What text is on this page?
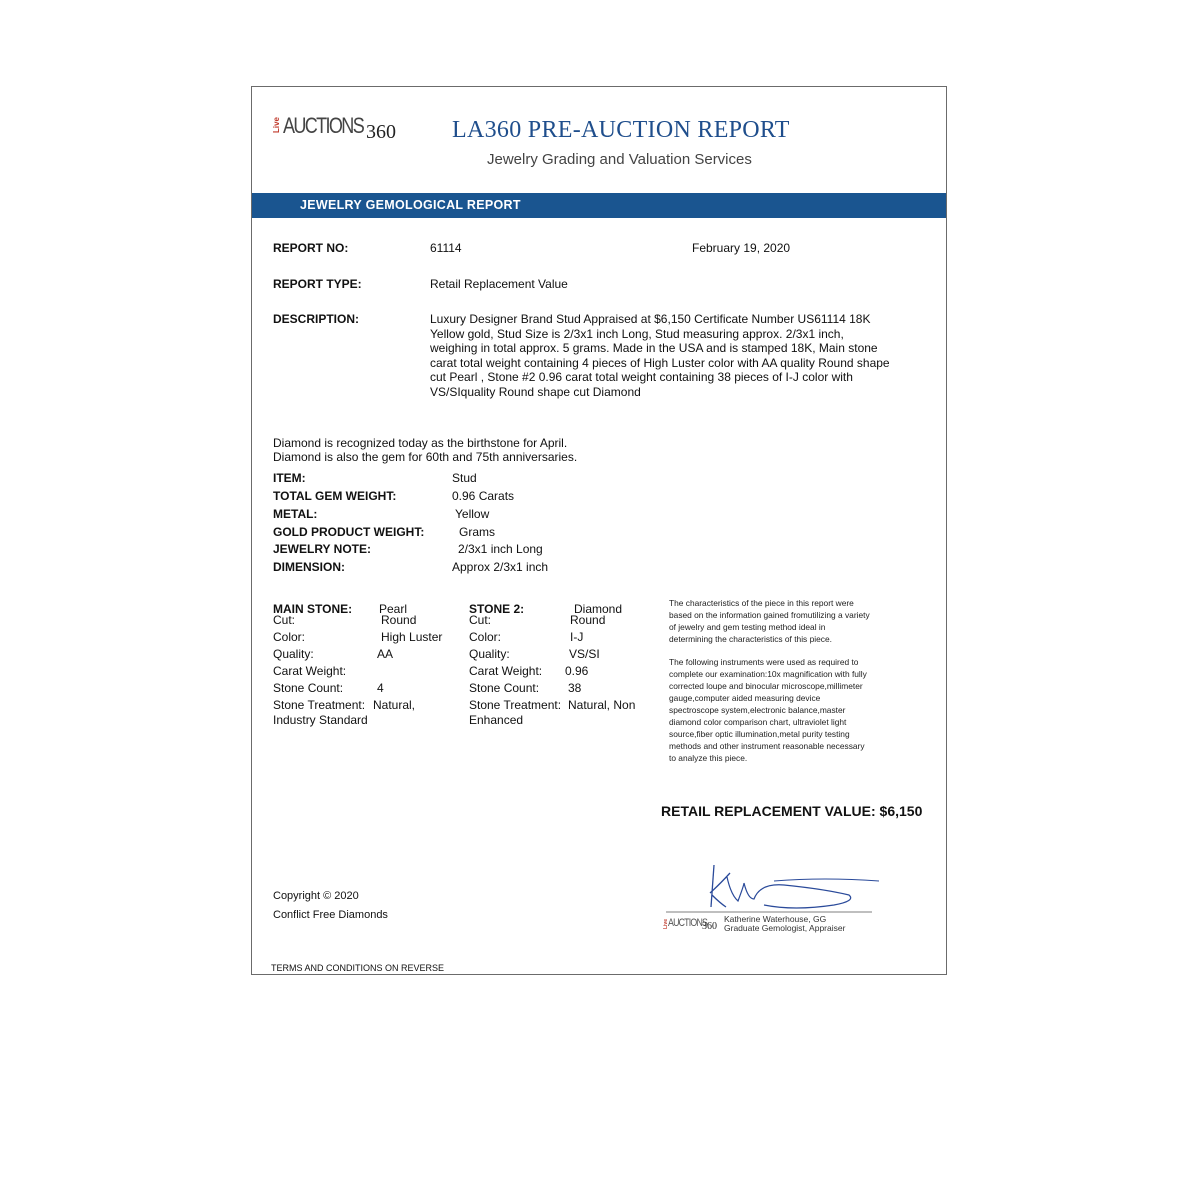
Live AUCTIONS 360 LA360 PRE-AUCTION REPORT
Jewelry Grading and Valuation Services
JEWELRY GEMOLOGICAL REPORT
REPORT NO:	61114	February 19, 2020
REPORT TYPE:	Retail Replacement Value
DESCRIPTION:	Luxury Designer Brand Stud Appraised at $6,150 Certificate Number US61114 18K

Yellow gold, Stud Size is 2/3x1 inch Long, Stud measuring approx. 2/3x1 inch,

weighing in total approx. 5 grams. Made in the USA and is stamped 18K, Main stone

carat total weight containing 4 pieces of High Luster color with AA quality Round shape

cut Pearl , Stone #2 0.96 carat total weight containing 38 pieces of I-J color with

VS/SIquality Round shape cut Diamond

Diamond is recognized today as the birthstone for April.
Diamond is also the gem for 60th and 75th anniversaries.
ITEM:	Stud
TOTAL GEM WEIGHT:	0.96 Carats
METAL:	Yellow
GOLD PRODUCT WEIGHT:	Grams
JEWELRY NOTE:	2/3x1 inch Long
DIMENSION:	Approx 2/3x1 inch
MAIN STONE: Pearl
Cut:	Round
Color:	High Luster
Quality:	AA
Carat Weight:
Stone Count:	4
Stone Treatment: Natural,
Industry Standard
STONE 2:	Diamond
Cut:	Round
Color:	I-J
Quality:	VS/SI
Carat Weight: 0.96
Stone Count: 38
Stone Treatment: Natural, Non
Enhanced

The characteristics of the piece in this report were

based on the information gained fromutilizing a variety

of jewelry and gem testing method ideal in

determining the characteristics of this piece.

The following instruments were used as required to

complete our examination:10x magnification with fully

corrected loupe and binocular microscope,millimeter

gauge,computer aided measuring device

spectroscope system,electronic balance,master

diamond color comparison chart, ultraviolet light

source,fiber optic illumination,metal purity testing

methods and other instrument reasonable necessary

to analyze this piece.

RETAIL REPLACEMENT VALUE: $6,150
Copyright © 2020
Conflict Free Diamonds
TERMS AND CONDITIONS ON REVERSE
Live AUCTIONS
360
Katherine Waterhouse, GG
Graduate Gemologist, Appraiser
